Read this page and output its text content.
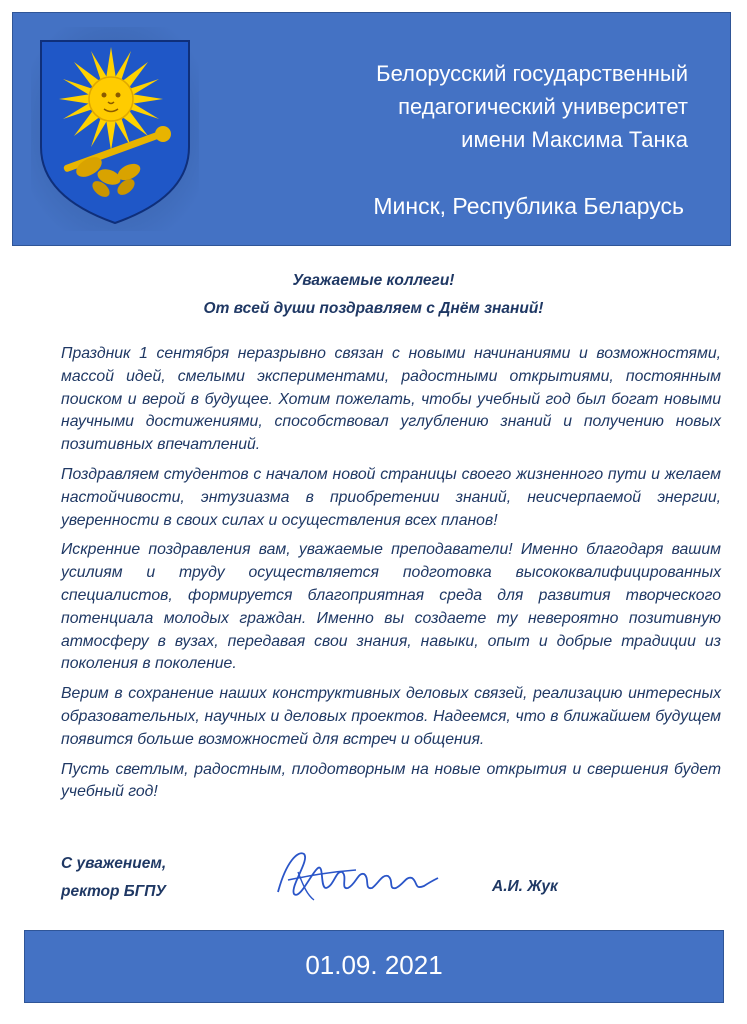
Белорусский государственный
педагогический университет
имени Максима Танка
Минск, Республика Беларусь
Уважаемые коллеги!
От всей души поздравляем с Днём знаний!

Праздник 1 сентября неразрывно связан с новыми начинаниями и возможностями, массой идей, смелыми экспериментами, радостными открытиями, постоянным поиском и верой в будущее. Хотим пожелать, чтобы учебный год был богат новыми научными достижениями, способствовал углублению знаний и получению новых позитивных впечатлений.

Поздравляем студентов с началом новой страницы своего жизненного пути и желаем настойчивости, энтузиазма в приобретении знаний, неисчерпаемой энергии, уверенности в своих силах и осуществления всех планов!

Искренние поздравления вам, уважаемые преподаватели! Именно благодаря вашим усилиям и труду осуществляется подготовка высококвалифицированных специалистов, формируется благоприятная среда для развития творческого потенциала молодых граждан. Именно вы создаете ту невероятно позитивную атмосферу в вузах, передавая свои знания, навыки, опыт и добрые традиции из поколения в поколение.

Верим в сохранение наших конструктивных деловых связей, реализацию интересных образовательных, научных и деловых проектов. Надеемся, что в ближайшем будущем появится больше возможностей для встреч и общения.

Пусть светлым, радостным, плодотворным на новые открытия и свершения будет учебный год!

С уважением,
ректор БГПУ	А.И. Жук
01.09. 2021
